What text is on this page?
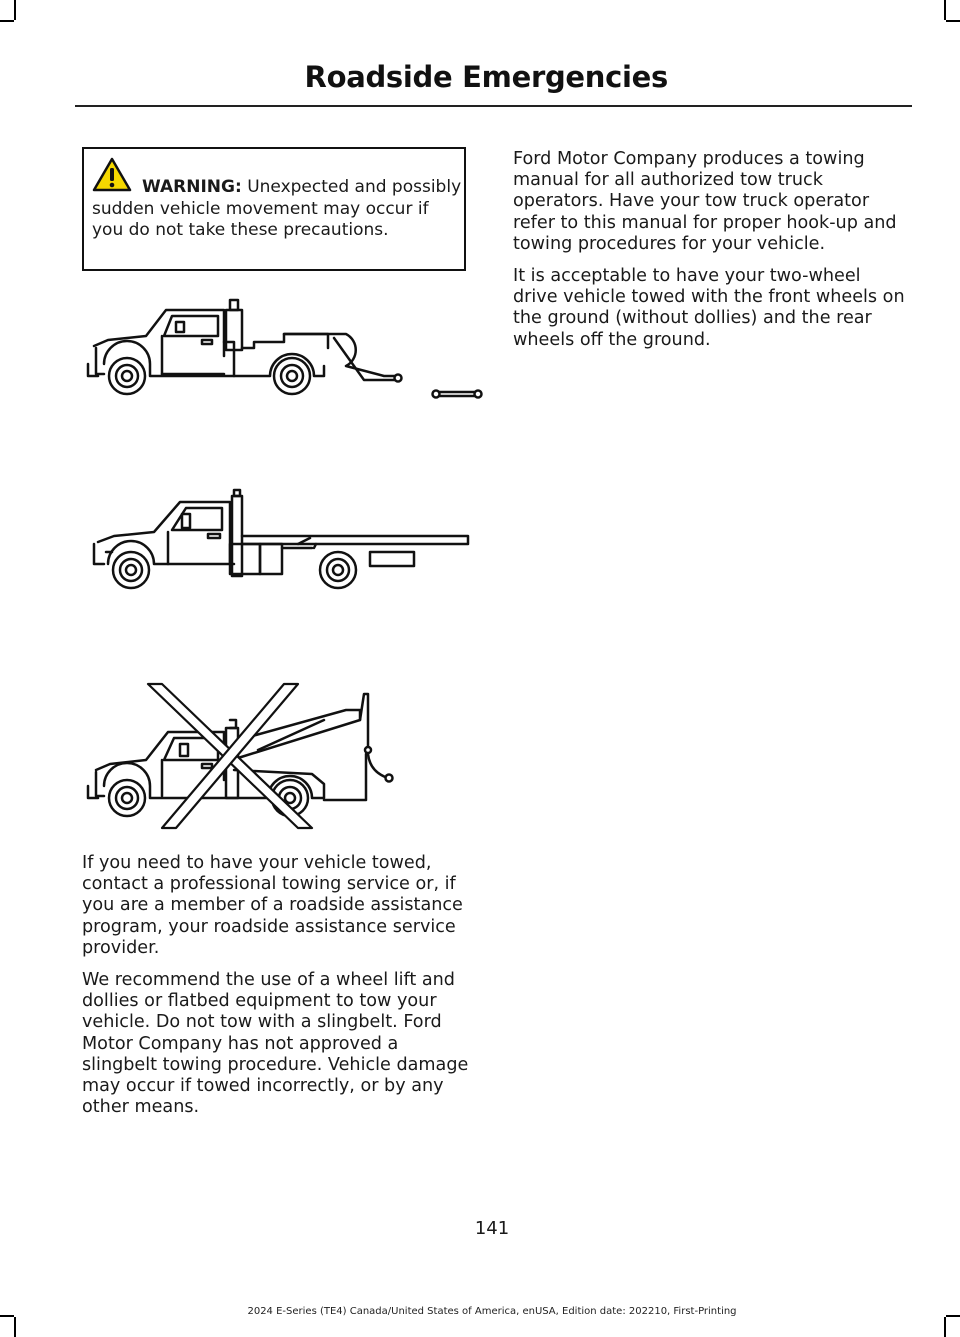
Roadside Emergencies
WARNING: Unexpected and possibly sudden vehicle movement may occur if you do not take these precautions.

If you need to have your vehicle towed, contact a professional towing service or, if you are a member of a roadside assistance program, your roadside assistance service provider.

We recommend the use of a wheel lift and dollies or flatbed equipment to tow your vehicle. Do not tow with a slingbelt. Ford Motor Company has not approved a slingbelt towing procedure. Vehicle damage may occur if towed incorrectly, or by any other means.

Ford Motor Company produces a towing manual for all authorized tow truck operators. Have your tow truck operator refer to this manual for proper hook-up and towing procedures for your vehicle.

It is acceptable to have your two-wheel drive vehicle towed with the front wheels on the ground (without dollies) and the rear wheels off the ground.

141
2024 E-Series (TE4) Canada/United States of America, enUSA, Edition date: 202210, First-Printing
